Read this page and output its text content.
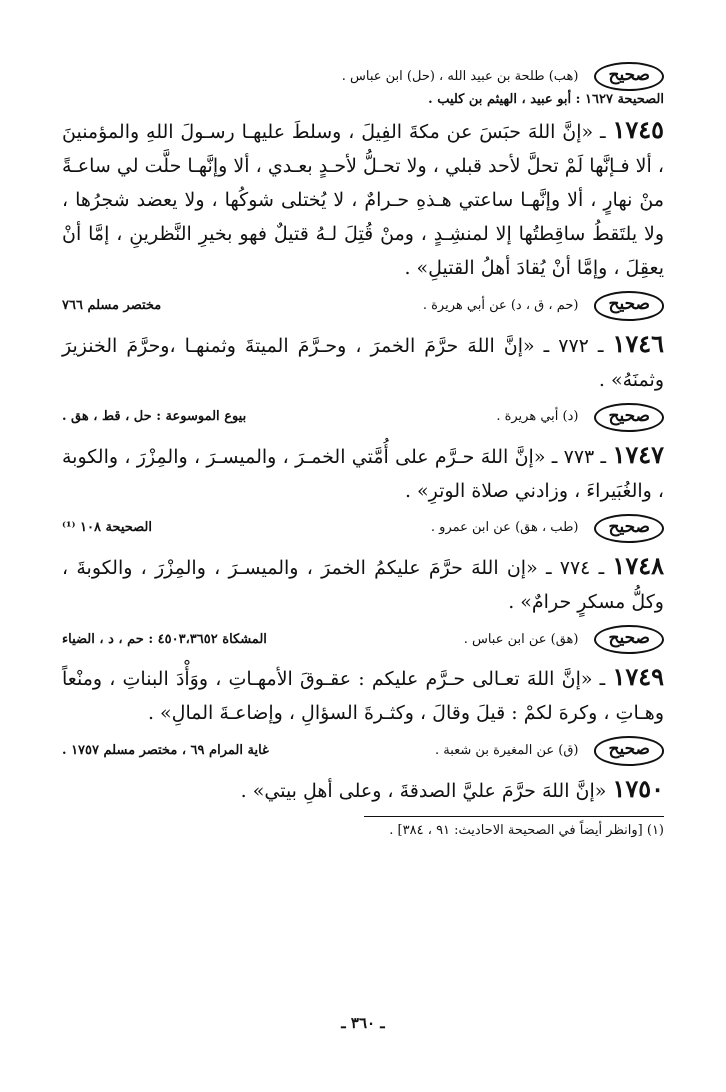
صحيح
(هب) طلحة بن عبيد الله ، (حل) ابن عباس .
الصحيحة ١٦٢٧ : أبو عبيد ، الهيثم بن كليب .
١٧٤٥ ـ «إنَّ اللهَ حبَسَ عن مكةَ الفِيلَ ، وسلطَ عليهـا رسـولَ اللهِ والمؤمنينَ ، ألا فـإنَّها لَمْ تحلَّ لأحد قبلي ، ولا تحـلُّ لأحـدٍ بعـدي ، ألا وإنَّهـا حلَّت لي ساعـةً منْ نهارٍ ، ألا وإنَّهـا ساعتي هـذهِ حـرامٌ ، لا يُختلى شوكُها ، ولا يعضد شجرُها ، ولا يلتَقطُ ساقِطتُها إلا لمنشِـدٍ ، ومنْ قُتِلَ لـهُ قتيلٌ فهو بخيرِ النَّظرينِ ، إمَّا أنْ يعقِلَ ، وإمَّا أنْ يُقادَ أهلُ القتيلِ» .
صحيح
(حم ، ق ، د) عن أبي هريرة .
مختصر مسلم ٧٦٦
١٧٤٦ ـ ٧٧٢ ـ «إنَّ اللهَ حرَّمَ الخمرَ ، وحـرَّمَ الميتةَ وثمنهـا ،وحرَّمَ الخنزيرَ وثمنَهُ» .
صحيح
(د) أبي هريرة .
بيوع الموسوعة : حل ، قط ، هق .
١٧٤٧ ـ ٧٧٣ ـ «إنَّ اللهَ حـرَّم على أُمَّتي الخمـرَ ، والميسـرَ ، والمِزْرَ ، والكوبة ، والغُبَيراءَ ، وزادني صلاة الوترِ» .
صحيح
(طب ، هق) عن ابن عمرو .
الصحيحة ١٠٨ ⁽¹⁾
١٧٤٨ ـ ٧٧٤ ـ «إن اللهَ حرَّمَ عليكمُ الخمرَ ، والميسـرَ ، والمِزْرَ ، والكوبةَ ، وكلُّ مسكرٍ حرامٌ» .
صحيح
(هق) عن ابن عباس .
المشكاة ٤٥٠٣،٣٦٥٢ : حم ، د ، الضياء
١٧٤٩ ـ «إنَّ اللهَ تعـالى حـرَّم عليكم : عقـوقَ الأمهـاتِ ، ووَأْدَ البناتِ ، ومنْعاً وهـاتِ ، وكرهَ لكمْ : قيلَ وقالَ ، وكثـرةَ السؤالِ ، وإضاعـةَ المالِ» .
صحيح
(ق) عن المغيرة بن شعبة .
غاية المرام ٦٩ ، مختصر مسلم ١٧٥٧ .
١٧٥٠ «إنَّ اللهَ حرَّمَ عليَّ الصدقةَ ، وعلى أهلِ بيتي» .
(١) [وانظر أيضاً في الصحيحة الاحاديث: ٩١ ، ٣٨٤] .
ـ ٣٦٠ ـ
